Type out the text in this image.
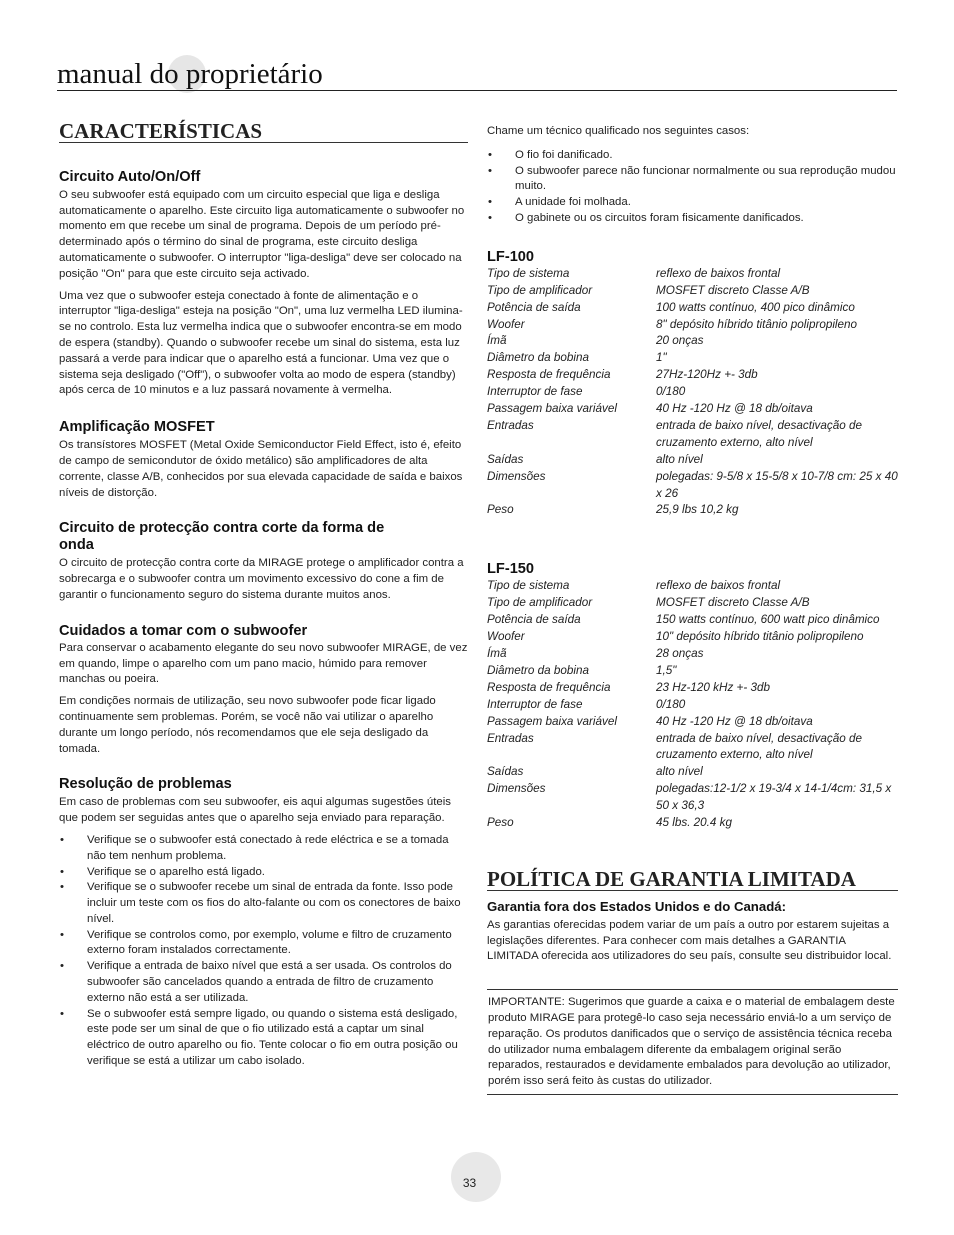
manual do proprietário
CARACTERÍSTICAS
Circuito Auto/On/Off

O seu subwoofer está equipado com um circuito especial que liga e desliga automaticamente o aparelho. Este circuito liga automaticamente o subwoofer no momento em que recebe um sinal de programa. Depois de um período pré-determinado após o término do sinal de programa, este circuito desliga automaticamente o subwoofer. O interruptor "liga-desliga" deve ser colocado na posição "On" para que este circuito seja activado.

Uma vez que o subwoofer esteja conectado à fonte de alimentação e o interruptor "liga-desliga" esteja na posição "On", uma luz vermelha LED ilumina-se no controlo. Esta luz vermelha indica que o subwoofer encontra-se em modo de espera (standby). Quando o subwoofer recebe um sinal do sistema, esta luz passará a verde para indicar que o aparelho está a funcionar. Uma vez que o sistema seja desligado ("Off"), o subwoofer volta ao modo de espera (standby) após cerca de 10 minutos e a luz passará novamente à vermelha.

Amplificação MOSFET

Os transístores MOSFET (Metal Oxide Semiconductor Field Effect, isto é, efeito de campo de semicondutor de óxido metálico) são amplificadores de alta corrente, classe A/B, conhecidos por sua elevada capacidade de saída e baixos níveis de distorção.

Circuito de protecção contra corte da forma de onda

O circuito de protecção contra corte da MIRAGE protege o amplificador contra a sobrecarga e o subwoofer contra um movimento excessivo do cone a fim de garantir o funcionamento seguro do sistema durante muitos anos.

Cuidados a tomar com o subwoofer

Para conservar o acabamento elegante do seu novo subwoofer MIRAGE, de vez em quando, limpe o aparelho com um pano macio, húmido para remover manchas ou poeira.

Em condições normais de utilização, seu novo subwoofer pode ficar ligado continuamente sem problemas. Porém, se você não vai utilizar o aparelho durante um longo período, nós recomendamos que ele seja desligado da tomada.

Resolução de problemas

Em caso de problemas com seu subwoofer, eis aqui algumas sugestões úteis que podem ser seguidas antes que o aparelho seja enviado para reparação.

• Verifique se o subwoofer está conectado à rede eléctrica e se a tomada não tem nenhum problema.
• Verifique se o aparelho está ligado.
• Verifique se o subwoofer recebe um sinal de entrada da fonte. Isso pode incluir um teste com os fios do alto-falante ou com os conectores de baixo nível.
• Verifique se controlos como, por exemplo, volume e filtro de cruzamento externo foram instalados correctamente.
• Verifique a entrada de baixo nível que está a ser usada. Os controlos do subwoofer são cancelados quando a entrada de filtro de cruzamento externo não está a ser utilizada.
• Se o subwoofer está sempre ligado, ou quando o sistema está desligado, este pode ser um sinal de que o fio utilizado está a captar um sinal eléctrico de outro aparelho ou fio. Tente colocar o fio em outra posição ou verifique se está a utilizar um cabo isolado.

Chame um técnico qualificado nos seguintes casos:

• O fio foi danificado.
• O subwoofer parece não funcionar normalmente ou sua reprodução mudou muito.
• A unidade foi molhada.
• O gabinete ou os circuitos foram fisicamente danificados.
LF-100
Tipo de sistema	reflexo de baixos frontal
Tipo de amplificador	MOSFET discreto Classe A/B
Potência de saída	100 watts contínuo, 400 pico dinâmico
Woofer	8" depósito híbrido titânio polipropileno
Ímã	20 onças
Diâmetro da bobina	1"
Resposta de frequência	27Hz-120Hz +- 3db
Interruptor de fase	0/180
Passagem baixa variável	40 Hz -120 Hz @ 18 db/oitava
Entradas	entrada de baixo nível, desactivação de cruzamento externo, alto nível
Saídas	alto nível
Dimensões	polegadas: 9-5/8 x 15-5/8 x 10-7/8 cm: 25 x 40 x 26
Peso	25,9 lbs 10,2 kg
LF-150
Tipo de sistema	reflexo de baixos frontal
Tipo de amplificador	MOSFET discreto Classe A/B
Potência de saída	150 watts contínuo, 600 watt pico dinâmico
Woofer	10" depósito híbrido titânio polipropileno
Ímã	28 onças
Diâmetro da bobina	1,5"
Resposta de frequência	23 Hz-120 kHz +- 3db
Interruptor de fase	0/180
Passagem baixa variável	40 Hz -120 Hz @ 18 db/oitava
Entradas	entrada de baixo nível, desactivação de cruzamento externo, alto nível
Saídas	alto nível
Dimensões	polegadas:12-1/2 x 19-3/4 x 14-1/4cm: 31,5 x 50 x 36,3
Peso	45 lbs. 20.4 kg
POLÍTICA DE GARANTIA LIMITADA
Garantia fora dos Estados Unidos e do Canadá:

As garantias oferecidas podem variar de um país a outro por estarem sujeitas a legislações diferentes. Para conhecer com mais detalhes a GARANTIA LIMITADA oferecida aos utilizadores do seu país, consulte seu distribuidor local.

IMPORTANTE: Sugerimos que guarde a caixa e o material de embalagem deste produto MIRAGE para protegê-lo caso seja necessário enviá-lo a um serviço de reparação. Os produtos danificados que o serviço de assistência técnica receba do utilizador numa embalagem diferente da embalagem original serão reparados, restaurados e devidamente embalados para devolução ao utilizador, porém isso será feito às custas do utilizador.

33
